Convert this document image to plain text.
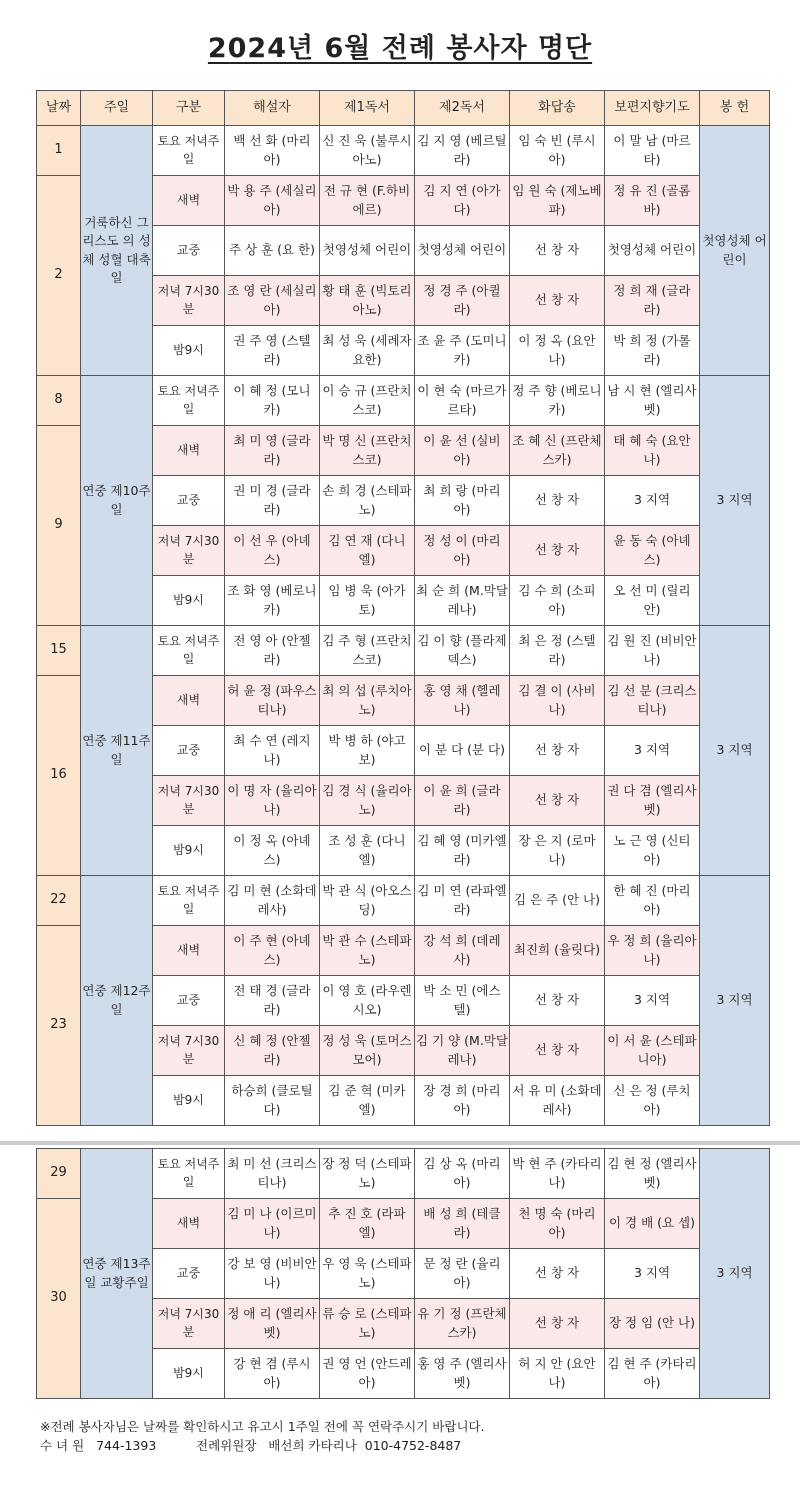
2024년 6월 전례 봉사자 명단
날짜	주일	구분	해설자	제1독서	제2독서	화답송	보편지향기도	봉 헌
1	거룩하신 그리스도 의 성체 성혈 대축일	토요 저녁주일	백 선 화 (마리아)	신 진 욱 (불루시아노)	김 지 영 (베르틸라)	임 숙 빈 (루시아)	이 말 남 (마르타)	첫영성체 어린이
2		새벽	박 용 주 (세실리아)	전 규 현 (F.하비에르)	김 지 연 (아가다)	임 원 숙 (제노베파)	정 유 진 (골롬바)	
		교중	주 상 훈 (요 한)	첫영성체 어린이	첫영성체 어린이	선 창 자	첫영성체 어린이	
		저녁 7시30분	조 영 란 (세실리아)	황 태 훈 (빅토리아노)	정 경 주 (아퀼라)	선 창 자	정 희 재 (글라라)	
		밤9시	권 주 영 (스텔라)	최 성 욱 (세례자요한)	조 윤 주 (도미니카)	이 정 옥 (요안나)	박 희 정 (가롤라)	
8	연중 제10주일	토요 저녁주일	이 혜 정 (모니카)	이 승 규 (프란치스코)	이 현 숙 (마르가르타)	정 주 향 (베로니카)	남 시 현 (엘리사벳)	3 지역
9		새벽	최 미 영 (글라라)	박 명 신 (프란치스코)	이 윤 선 (실비아)	조 혜 신 (프란체스카)	태 혜 숙 (요안나)	
		교중	권 미 경 (글라라)	손 희 경 (스테파노)	최 희 랑 (마리아)	선 창 자	3 지역	
		저녁 7시30분	이 선 우 (아녜스)	김 연 재 (다니엘)	정 성 이 (마리아)	선 창 자	윤 동 숙 (아녜스)	
		밤9시	조 화 영 (베로니카)	임 병 욱 (아가토)	최 순 희 (M.막달레나)	김 수 희 (소피아)	오 선 미 (릴리안)	
15	연중 제11주일	토요 저녁주일	전 영 아 (안젤라)	김 주 형 (프란치스코)	김 이 향 (플라제덱스)	최 은 정 (스텔라)	김 원 진 (비비안나)	3 지역
16		새벽	허 윤 정 (파우스티나)	최 의 섭 (루치아노)	홍 영 채 (헬레나)	김 결 이 (사비나)	김 선 분 (크리스티나)	
		교중	최 수 연 (레지나)	박 병 하 (야고보)	이 분 다 (분 다)	선 창 자	3 지역	
		저녁 7시30분	이 명 자 (율리아나)	김 경 식 (율리아노)	이 윤 희 (글라라)	선 창 자	권 다 겸 (엘리사벳)	
		밤9시	이 정 옥 (아녜스)	조 성 훈 (다니엘)	김 혜 영 (미카엘라)	장 은 지 (로마나)	노 근 영 (신티아)	
22	연중 제12주일	토요 저녁주일	김 미 현 (소화데레사)	박 관 식 (아오스딩)	김 미 연 (라파엘라)	김 은 주 (안 나)	한 혜 진 (마리아)	3 지역
23		새벽	이 주 현 (아녜스)	박 관 수 (스테파노)	강 석 희 (데레사)	최진희 (율릿다)	우 정 희 (율리아나)	
		교중	전 태 경 (글라라)	이 영 호 (라우렌시오)	박 소 민 (에스텔)	선 창 자	3 지역	
		저녁 7시30분	신 혜 정 (안젤라)	정 성 욱 (토머스모어)	김 기 양 (M.막달레나)	선 창 자	이 서 윤 (스테파니아)	
		밤9시	하승희 (클로틸다)	김 준 혁 (미카엘)	장 경 희 (마리아)	서 유 미 (소화데레사)	신 은 정 (루치아)	
29	연중 제13주일 교황주일	토요 저녁주일	최 미 선 (크리스티나)	장 정 덕 (스테파노)	김 상 옥 (마리아)	박 현 주 (카타리나)	김 현 정 (엘리사벳)	3 지역
30		새벽	김 미 나 (이르미나)	추 진 호 (라파엘)	배 성 희 (테클라)	천 명 숙 (마리아)	이 경 배 (요 셉)	
		교중	강 보 영 (비비안나)	우 영 욱 (스테파노)	문 정 란 (율리아)	선 창 자	3 지역	
		저녁 7시30분	정 애 리 (엘리사벳)	류 승 로 (스테파노)	유 기 정 (프란체스카)	선 창 자	장 정 임 (안 나)	
		밤9시	강 현 겸 (루시아)	권 영 언 (안드레아)	홍 영 주 (엘리사벳)	허 지 안 (요안나)	김 현 주 (카타리아)	
※전례 봉사자님은 날짜를 확인하시고 유고시 1주일 전에 꼭 연락주시기 바랍니다.
수 녀 원   744-1393	전례위원장   배선희 카타리나  010-4752-8487
